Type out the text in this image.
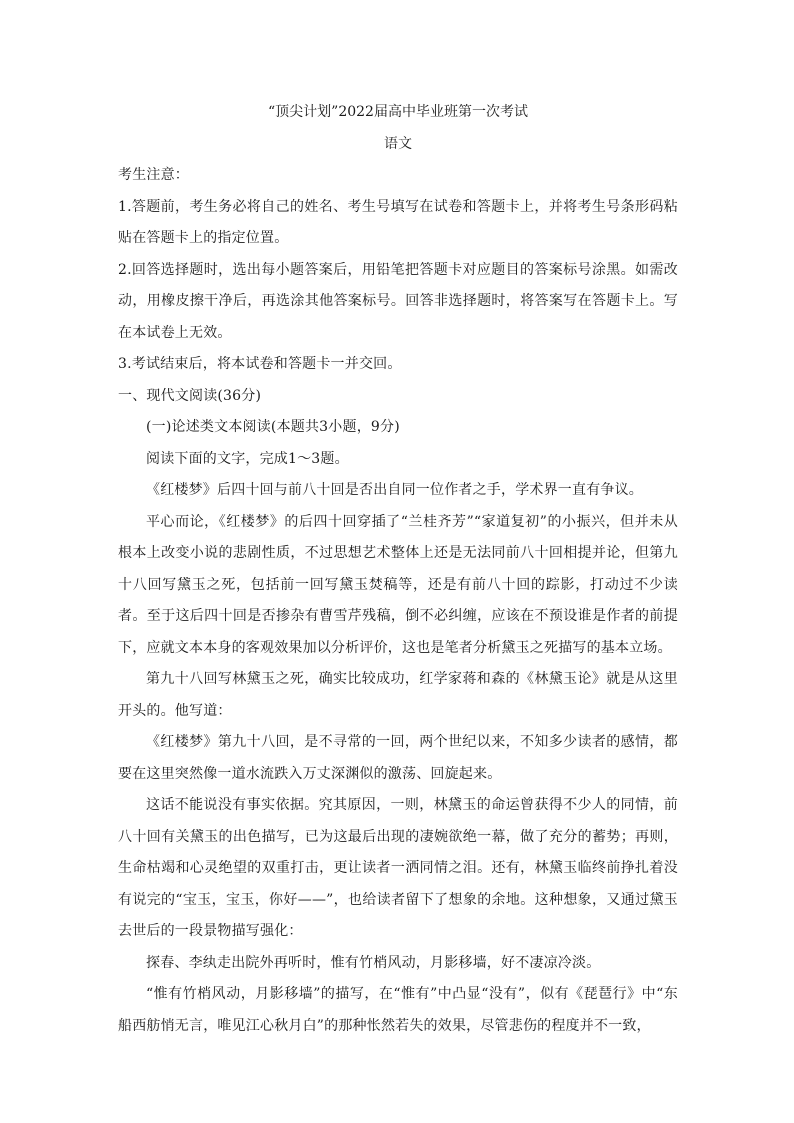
“顶尖计划”2022届高中毕业班第一次考试

语文

考生注意：

1.答题前，考生务必将自己的姓名、考生号填写在试卷和答题卡上，并将考生号条形码粘贴在答题卡上的指定位置。

2.回答选择题时，选出每小题答案后，用铅笔把答题卡对应题目的答案标号涂黑。如需改动，用橡皮擦干净后，再选涂其他答案标号。回答非选择题时，将答案写在答题卡上。写在本试卷上无效。

3.考试结束后，将本试卷和答题卡一并交回。

一、现代文阅读(36分)

(一)论述类文本阅读(本题共3小题，9分)

阅读下面的文字，完成1～3题。

《红楼梦》后四十回与前八十回是否出自同一位作者之手，学术界一直有争议。

平心而论，《红楼梦》的后四十回穿插了“兰桂齐芳”“家道复初”的小振兴，但并未从根本上改变小说的悲剧性质，不过思想艺术整体上还是无法同前八十回相提并论，但第九十八回写黛玉之死，包括前一回写黛玉焚稿等，还是有前八十回的踪影，打动过不少读者。至于这后四十回是否掺杂有曹雪芹残稿，倒不必纠缠，应该在不预设谁是作者的前提下，应就文本本身的客观效果加以分析评价，这也是笔者分析黛玉之死描写的基本立场。

第九十八回写林黛玉之死，确实比较成功，红学家蒋和森的《林黛玉论》就是从这里开头的。他写道：

《红楼梦》第九十八回，是不寻常的一回，两个世纪以来，不知多少读者的感情，都要在这里突然像一道水流跌入万丈深渊似的激荡、回旋起来。

这话不能说没有事实依据。究其原因，一则，林黛玉的命运曾获得不少人的同情，前八十回有关黛玉的出色描写，已为这最后出现的凄婉欲绝一幕，做了充分的蓄势；再则，生命枯竭和心灵绝望的双重打击，更让读者一洒同情之泪。还有，林黛玉临终前挣扎着没有说完的“宝玉，宝玉，你好——”，也给读者留下了想象的余地。这种想象，又通过黛玉去世后的一段景物描写强化：

探春、李纨走出院外再听时，惟有竹梢风动，月影移墙，好不凄凉冷淡。

“惟有竹梢风动，月影移墙”的描写，在“惟有”中凸显“没有”，似有《琵琶行》中“东船西舫悄无言，唯见江心秋月白”的那种怅然若失的效果，尽管悲伤的程度并不一致，
